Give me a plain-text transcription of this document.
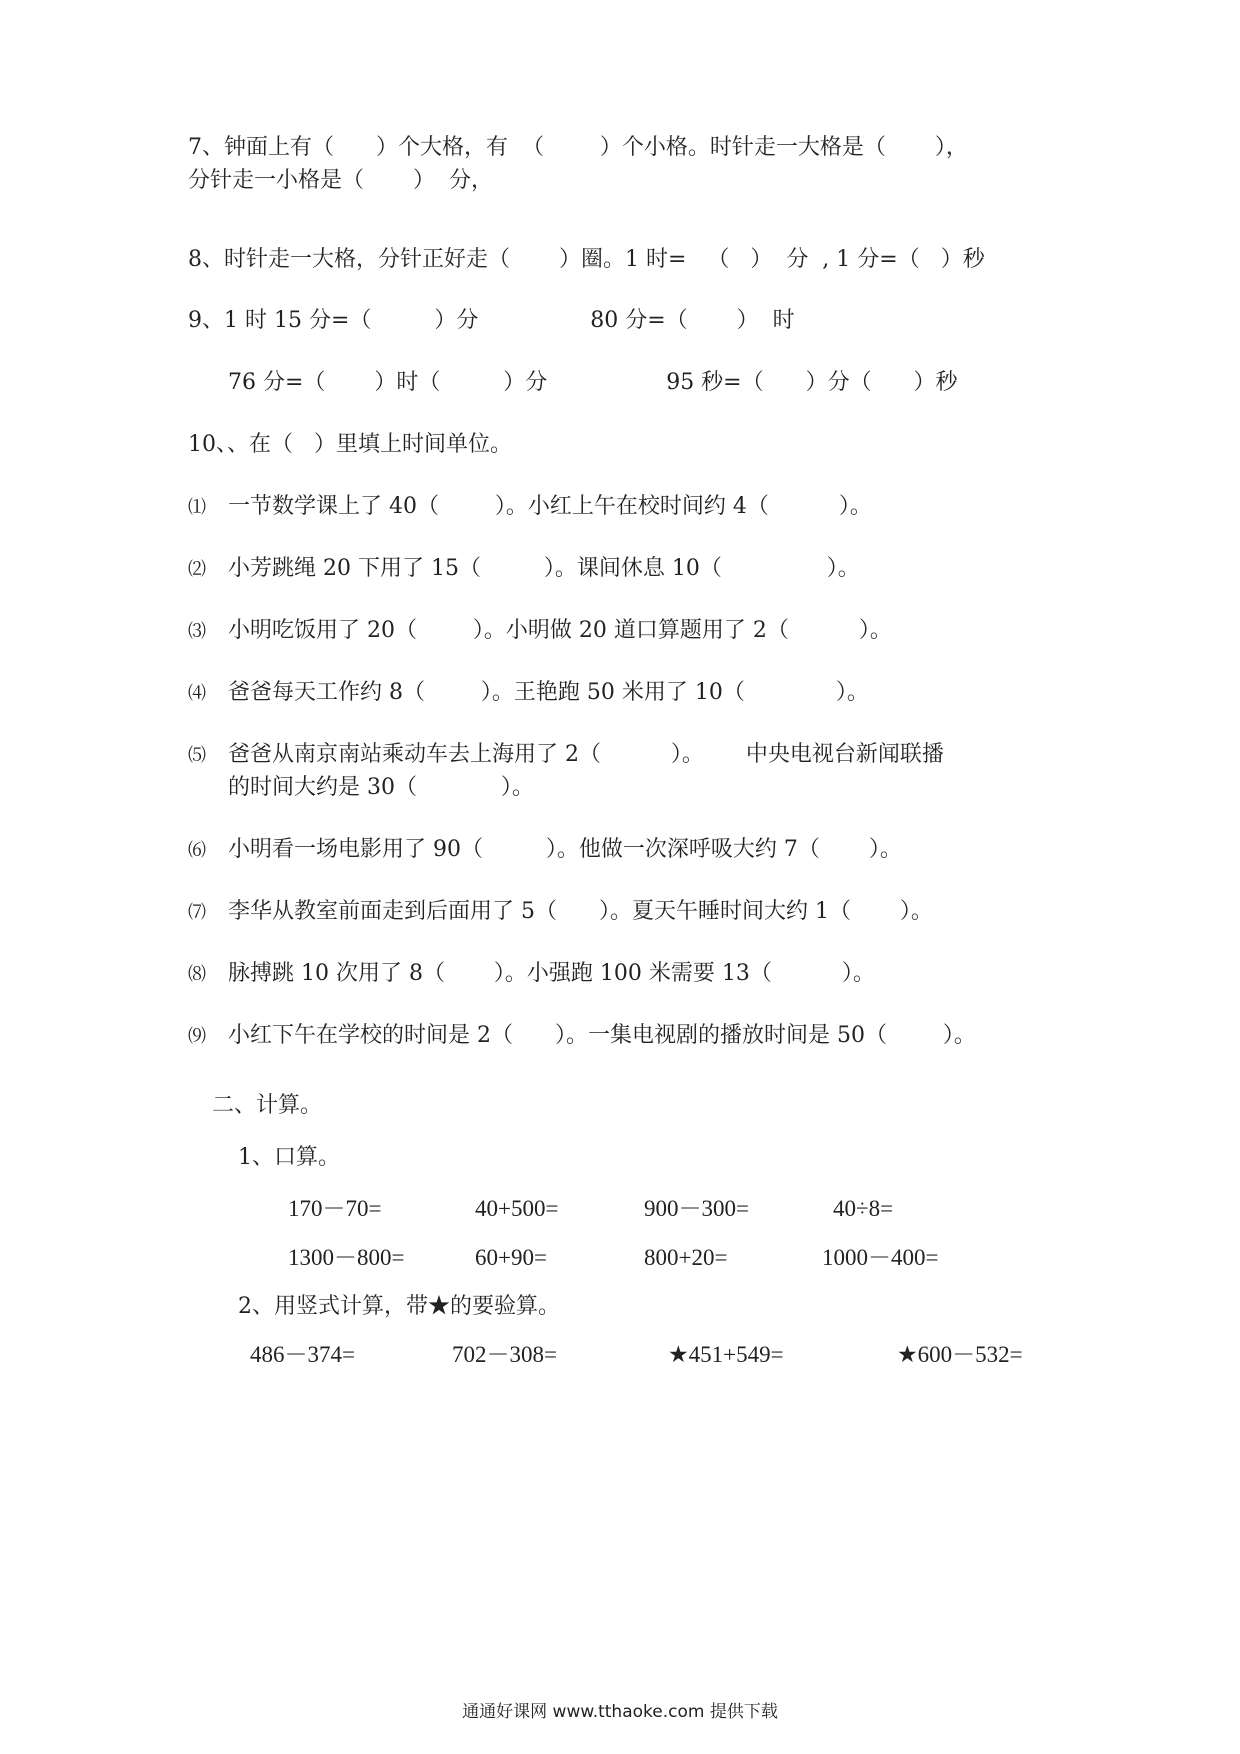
7、钟面上有（      ）个大格，有  （        ）个小格。时针走一大格是（       ），

分针走一小格是（       ）  分，

8、时针走一大格，分针正好走（       ）圈。1 时=   （   ）  分  , 1 分=（   ）秒

9、1 时 15 分=（         ）分                80 分=（       ）  时

76 分=（       ）时（         ）分                 95 秒=（      ）分（      ）秒

10、、在（   ）里填上时间单位。

⑴ 一节数学课上了 40（        ）。小红上午在校时间约 4（          ）。

⑵ 小芳跳绳 20 下用了 15（         ）。课间休息 10（               ）。

⑶ 小明吃饭用了 20（        ）。小明做 20 道口算题用了 2（          ）。

⑷ 爸爸每天工作约 8（        ）。王艳跑 50 米用了 10（             ）。

⑸ 爸爸从南京南站乘动车去上海用了 2（          ）。      中央电视台新闻联播

的时间大约是 30（            ）。

⑹ 小明看一场电影用了 90（         ）。他做一次深呼吸大约 7（       ）。

⑺ 李华从教室前面走到后面用了 5（      ）。夏天午睡时间大约 1（       ）。

⑻ 脉搏跳 10 次用了 8（       ）。小强跑 100 米需要 13（          ）。

⑼ 小红下午在学校的时间是 2（      ）。一集电视剧的播放时间是 50（        ）。

二、计算。

1、口算。

170－70=	40+500=	900－300=	40÷8=
1300－800=	60+90=	800+20=	1000－400=

2、用竖式计算，带★的要验算。

486－374=	702－308=	★451+549=	★600－532=
通通好课网 www.tthaoke.com 提供下载
